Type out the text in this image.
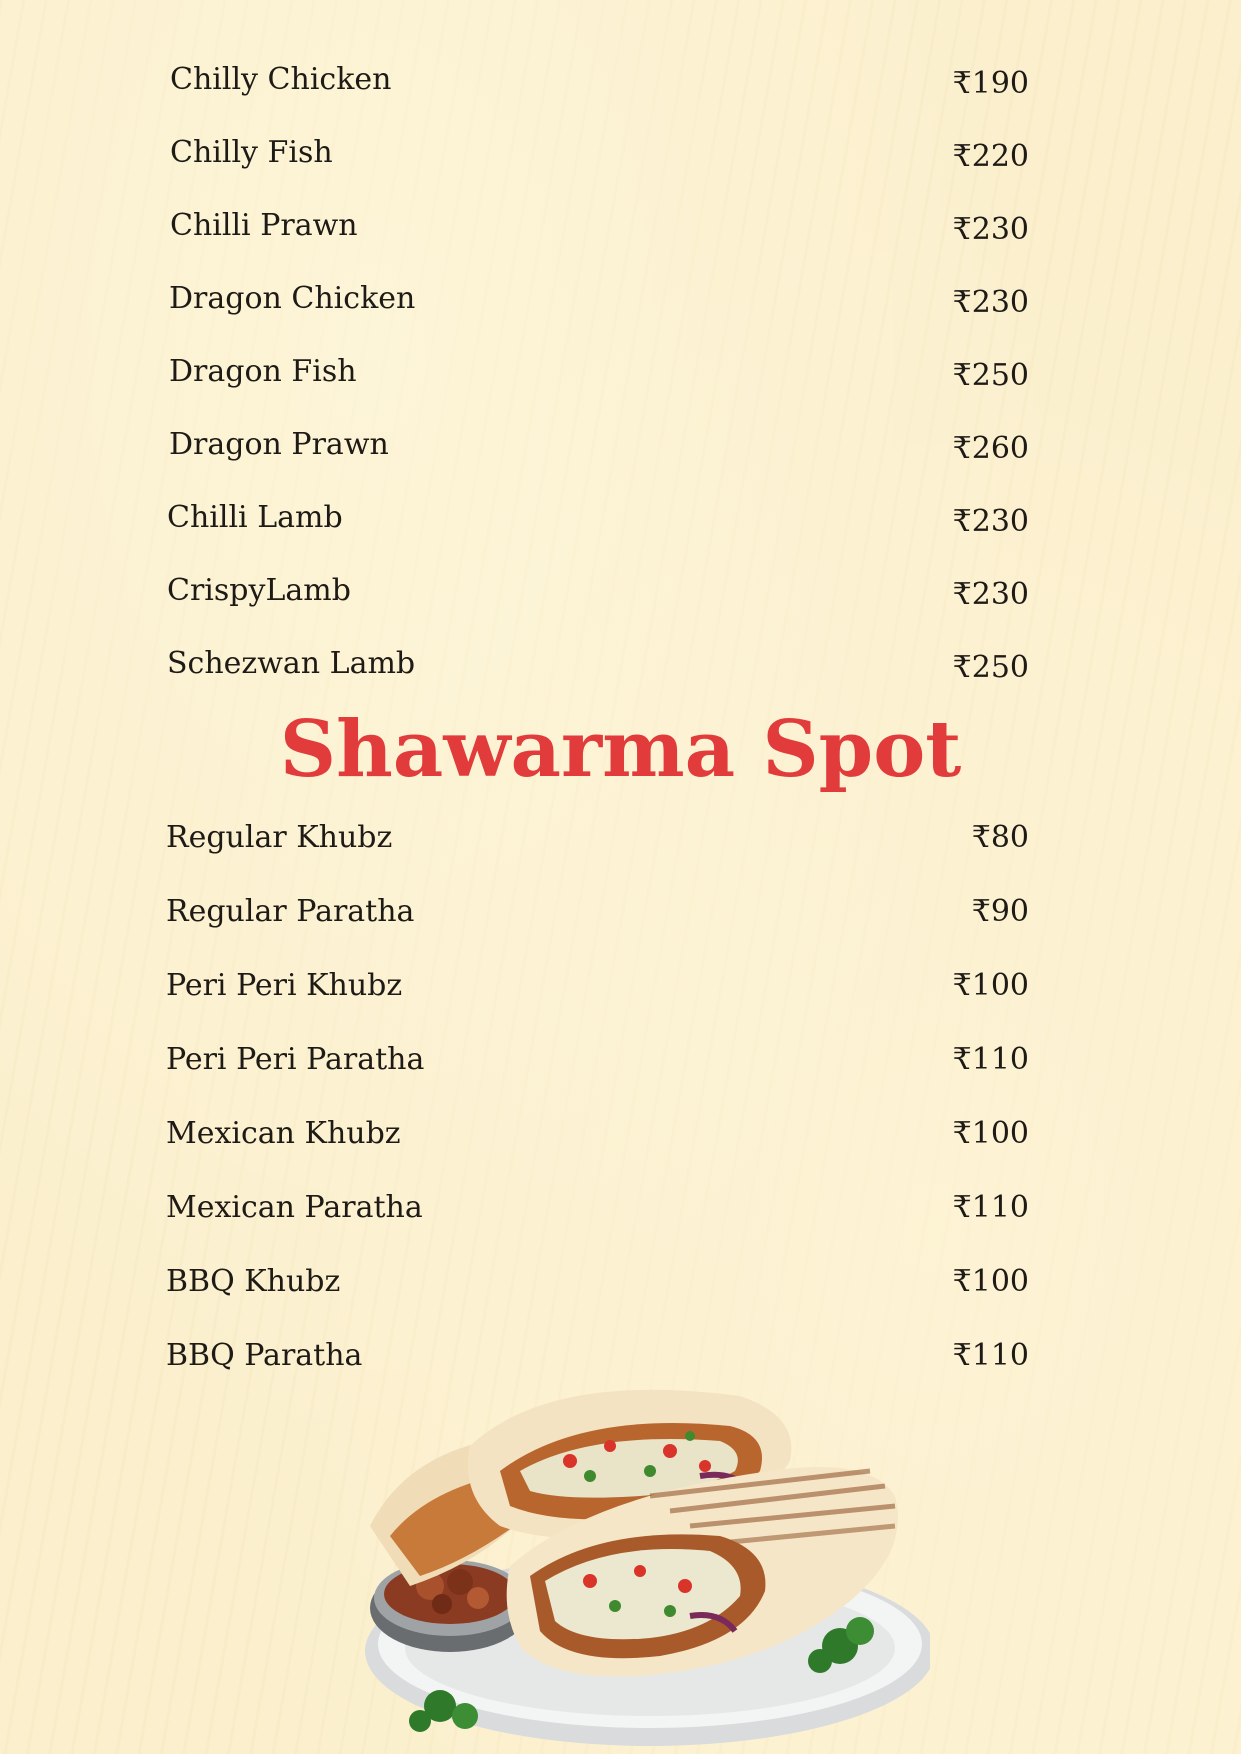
Chilly Chicken	₹190
Chilly Fish	₹220
Chilli Prawn	₹230
Dragon Chicken	₹230
Dragon Fish	₹250
Dragon Prawn	₹260
Chilli Lamb	₹230
CrispyLamb	₹230
Schezwan Lamb	₹250
Shawarma Spot
Regular Khubz	₹80
Regular Paratha	₹90
Peri Peri Khubz	₹100
Peri Peri Paratha	₹110
Mexican Khubz	₹100
Mexican Paratha	₹110
BBQ Khubz	₹100
BBQ Paratha	₹110
